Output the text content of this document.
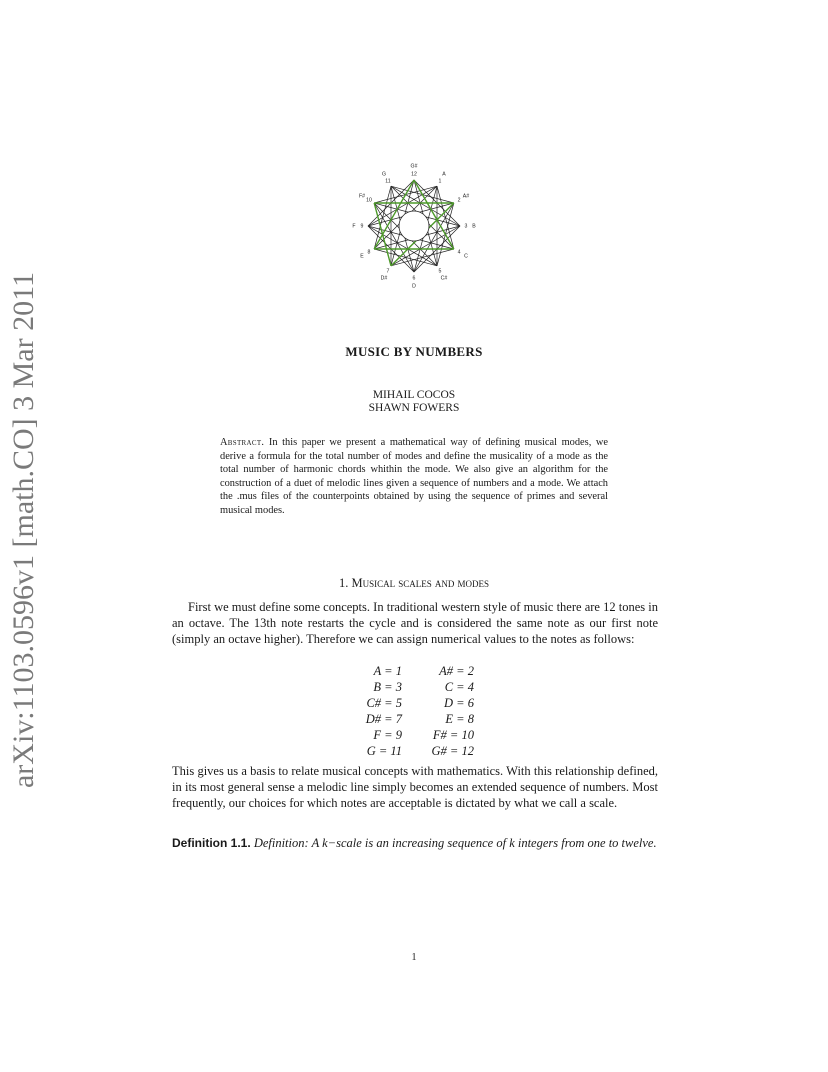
arXiv:1103.0596v1 [math.CO] 3 Mar 2011
12
G#
1
A
2
A#
3 B
4
C
5
C#
6
D
7
D#
8
E
9
F
10
F#
11
G
MUSIC BY NUMBERS
MIHAIL COCOS
SHAWN FOWERS
Abstract. In this paper we present a mathematical way of defining musical modes, we derive a formula for the total number of modes and define the musicality of a mode as the total number of harmonic chords whithin the mode. We also give an algorithm for the construction of a duet of melodic lines given a sequence of numbers and a mode. We attach the .mus files of the counterpoints obtained by using the sequence of primes and several musical modes.
1. Musical scales and modes
First we must define some concepts. In traditional western style of music there are 12 tones in an octave. The 13th note restarts the cycle and is considered the same note as our first note (simply an octave higher). Therefore we can assign numerical values to the notes as follows:
A = 1	A# = 2
B = 3	C = 4
C# = 5	D = 6
D# = 7	E = 8
F = 9	F# = 10
G = 11	G# = 12
This gives us a basis to relate musical concepts with mathematics. With this relationship defined, in its most general sense a melodic line simply becomes an extended sequence of numbers. Most frequently, our choices for which notes are acceptable is dictated by what we call a scale.
Definition 1.1. Definition: A k−scale is an increasing sequence of k integers from one to twelve.
1
